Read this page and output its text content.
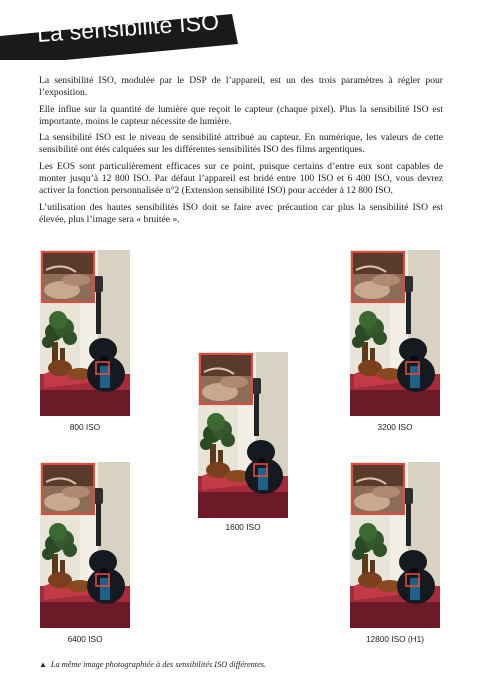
La sensibilité ISO

La sensibilité ISO, modulée par le DSP de l’appareil, est un des trois paramètres à régler pour l’exposition.

Elle influe sur la quantité de lumière que reçoit le capteur (chaque pixel). Plus la sensibilité ISO est importante, moins le capteur nécessite de lumière.

La sensibilité ISO est le niveau de sensibilité attribué au capteur. En numérique, les valeurs de cette sensibilité ont étés calquées sur les différentes sensibilités ISO des films argentiques.

Les EOS sont particulièrement efficaces sur ce point, puisque certains d’entre eux sont capables de monter jusqu’à 12 800 ISO. Par défaut l’appareil est bridé entre 100 ISO et 6 400 ISO, vous devrez activer la fonction personnalisée n°2 (Extension sensibilité ISO) pour accéder à 12 800 ISO.

L’utilisation des hautes sensibilités ISO doit se faire avec précaution car plus la sensibilité ISO est élevée, plus l’image sera « bruitée ».

800 ISO	3200 ISO
1600 ISO
6400 ISO	12800 ISO (H1)
▲ La même image photographiée à des sensibilités ISO différentes.
